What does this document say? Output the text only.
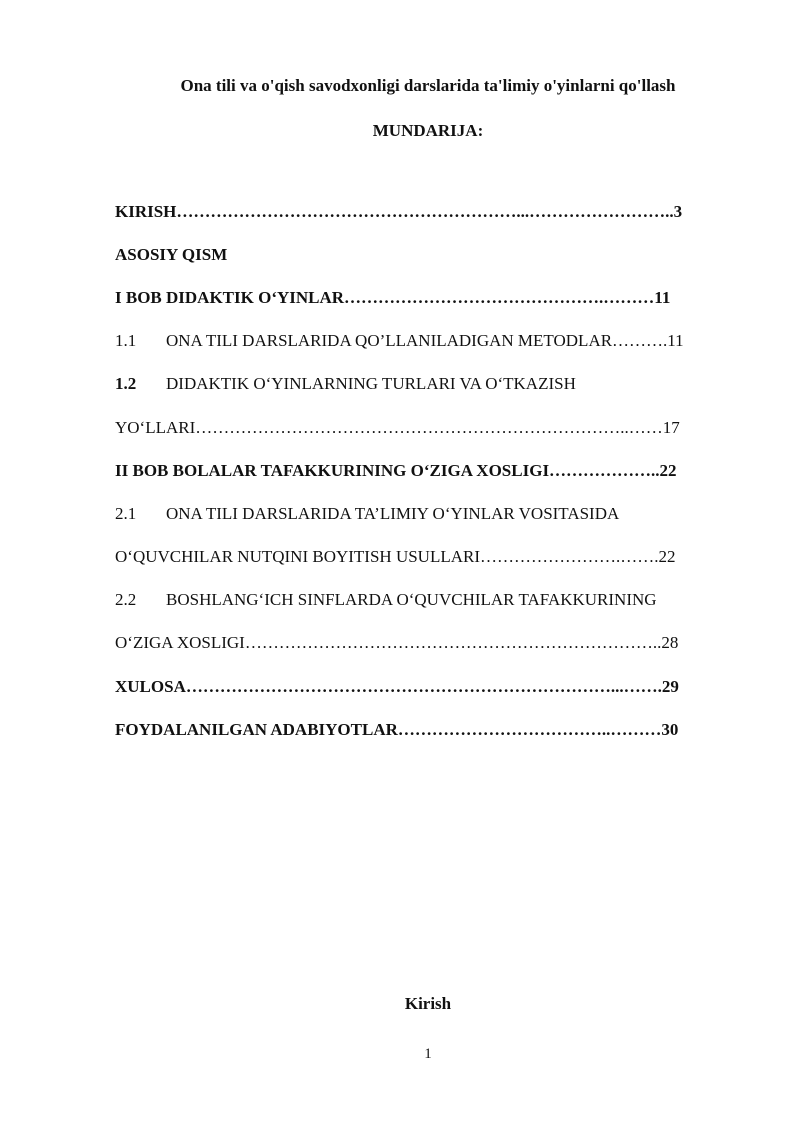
Ona tili va o'qish savodxonligi darslarida ta'limiy o'yinlarni qo'llash
MUNDARIJA:
KIRISH……………………………………………………...……………………..3
ASOSIY QISM
I BOB DIDAKTIK O‘YINLAR……………………………………….………11
1.1 ONA TILI DARSLARIDA QO’LLANILADIGAN METODLAR……….11
1.2 DIDAKTIK O‘YINLARNING TURLARI VA O‘TKAZISH
YO‘LLARI…………………………………………………………………..……17
II BOB BOLALAR TAFAKKURINING O‘ZIGA XOSLIGI………………..22
2.1 ONA TILI DARSLARIDA TA’LIMIY O‘YINLAR VOSITASIDA
O‘QUVCHILAR NUTQINI BOYITISH USULLARI…………………….…….22
2.2 BOSHLANG‘ICH SINFLARDA O‘QUVCHILAR TAFAKKURINING
O‘ZIGA XOSLIGI………………………………………………………………..28
XULOSA…………………………………………………………………...…….29
FOYDALANILGAN ADABIYOTLAR………………………………..………30
Kirish
1
